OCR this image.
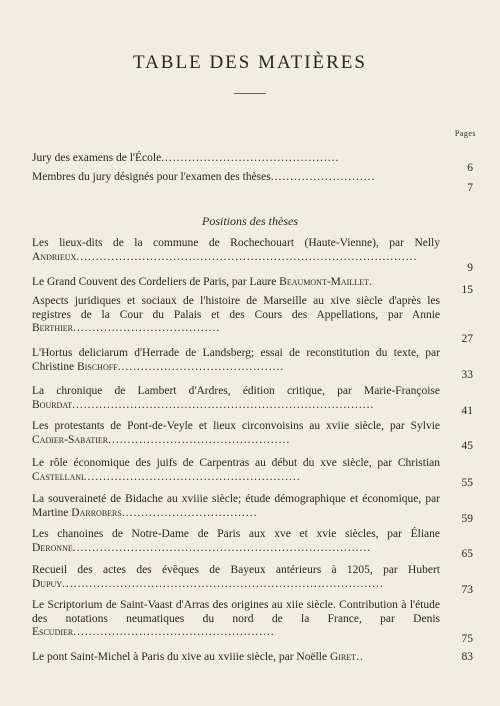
TABLE DES MATIÈRES
Pages
Jury des examens de l'École..............................................
6
Membres du jury désignés pour l'examen des thèses...........................
7
Positions des thèses
Les lieux-dits de la commune de Rochechouart (Haute-Vienne), par Nelly Andrieux........................................................................................
9
Le Grand Couvent des Cordeliers de Paris, par Laure Beaumont-Maillet.
15
Aspects juridiques et sociaux de l'histoire de Marseille au xive siècle d'après les registres de la Cour du Palais et des Cours des Appellations, par Annie Berthier......................................
27
L'Hortus deliciarum d'Herrade de Landsberg; essai de reconstitution du texte, par Christine Bischoff...........................................
33
La chronique de Lambert d'Ardres, édition critique, par Marie-Françoise Bourdat..............................................................................
41
Les protestants de Pont-de-Veyle et lieux circonvoisins au xviie siècle, par Sylvie Cadier-Sabatier...............................................
45
Le rôle économique des juifs de Carpentras au début du xve siècle, par Christian Castellani........................................................
55
La souveraineté de Bidache au xviiie siècle; étude démographique et économique, par Martine Darrobers...................................
59
Les chanoines de Notre-Dame de Paris aux xve et xvie siècles, par Éliane Deronne.............................................................................
65
Recueil des actes des évêques de Bayeux antérieurs à 1205, par Hubert Dupuy...................................................................................
73
Le Scriptorium de Saint-Vaast d'Arras des origines au xiie siècle. Contribution à l'étude des notations neumatiques du nord de la France, par Denis Escudier....................................................
75
Le pont Saint-Michel à Paris du xive au xviiie siècle, par Noëlle Giret..	83
